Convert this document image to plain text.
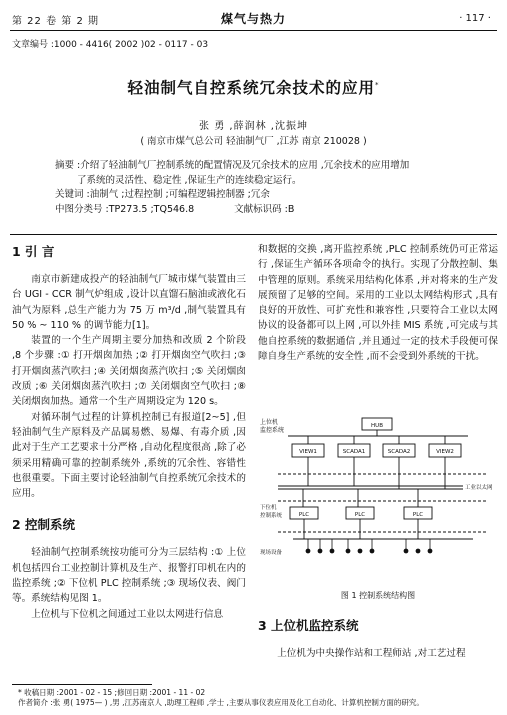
第 22 卷 第 2 期	煤气与热力	· 117 ·
文章编号 :1000 - 4416( 2002 )02 - 0117 - 03
轻油制气自控系统冗余技术的应用*
张 勇 ,薛润林 ,沈振坤
( 南京市煤气总公司 轻油制气厂 ,江苏 南京 210028 )

摘要 :介绍了轻油制气厂控制系统的配置情况及冗余技术的应用 ,冗余技术的应用增加

了系统的灵活性、稳定性 ,保证生产的连续稳定运行。

关键词 :油制气 ;过程控制 ;可编程逻辑控制器 ;冗余

中图分类号 :TP273.5 ;TQ546.8	文献标识码 :B

1 引 言

南京市新建成投产的轻油制气厂城市煤气装置由三台 UGI - CCR 制气炉组成 ,设计以直馏石脑油或液化石油气为原料 ,总生产能力为 75 万 m³/d ,制气装置具有 50 % ~ 110 % 的调节能力[1]。

装置的一个生产周期主要分加热和改质 2 个阶段 ,8 个步骤 :① 打开烟囱加热 ;② 打开烟囱空气吹扫 ;③ 打开烟囱蒸汽吹扫 ;④ 关闭烟囱蒸汽吹扫 ;⑤ 关闭烟囱改质 ;⑥ 关闭烟囱蒸汽吹扫 ;⑦ 关闭烟囱空气吹扫 ;⑧ 关闭烟囱加热。通常一个生产周期设定为 120 s。

对循环制气过程的计算机控制已有报道[2~5] ,但轻油制气生产原料及产品属易燃、易爆、有毒介质 ,因此对于生产工艺要求十分严格 ,自动化程度很高 ,除了必须采用精确可靠的控制系统外 ,系统的冗余性、容错性也很重要。下面主要讨论轻油制气自控系统冗余技术的应用。

2 控制系统

轻油制气控制系统按功能可分为三层结构 :① 上位机包括四台工业控制计算机及生产、报警打印机在内的监控系统 ;② 下位机 PLC 控制系统 ;③ 现场仪表、阀门等。系统结构见图 1。

上位机与下位机之间通过工业以太网进行信息

和数据的交换 ,离开监控系统 ,PLC 控制系统仍可正常运行 ,保证生产循环各项命令的执行。实现了分散控制、集中管理的原则。系统采用结构化体系 ,并对将来的生产发展预留了足够的空间。采用的工业以太网结构形式 ,具有良好的开放性、可扩充性和兼容性 ,只要符合工业以太网协议的设备都可以上网 ,可以外挂 MIS 系统 ,可完成与其他自控系统的数据通信 ,并且通过一定的技术手段便可保障自身生产系统的安全性 ,而不会受到外系统的干扰。

上位机
监控系统
HUB
VIEW1	SCADA1	SCADA2	VIEW2
PLC	PLC	PLC
工业以太网
下位机
控制系统
现场设备
图 1 控制系统结构图
3 上位机监控系统

上位机为中央操作站和工程师站 ,对工艺过程

* 收稿日期 :2001 - 02 - 15 ;修回日期 :2001 - 11 - 02

作者简介 :张 勇( 1975— ) ,男 ,江苏南京人 ,助理工程师 ,学士 ,主要从事仪表应用及化工自动化、计算机控制方面的研究。
